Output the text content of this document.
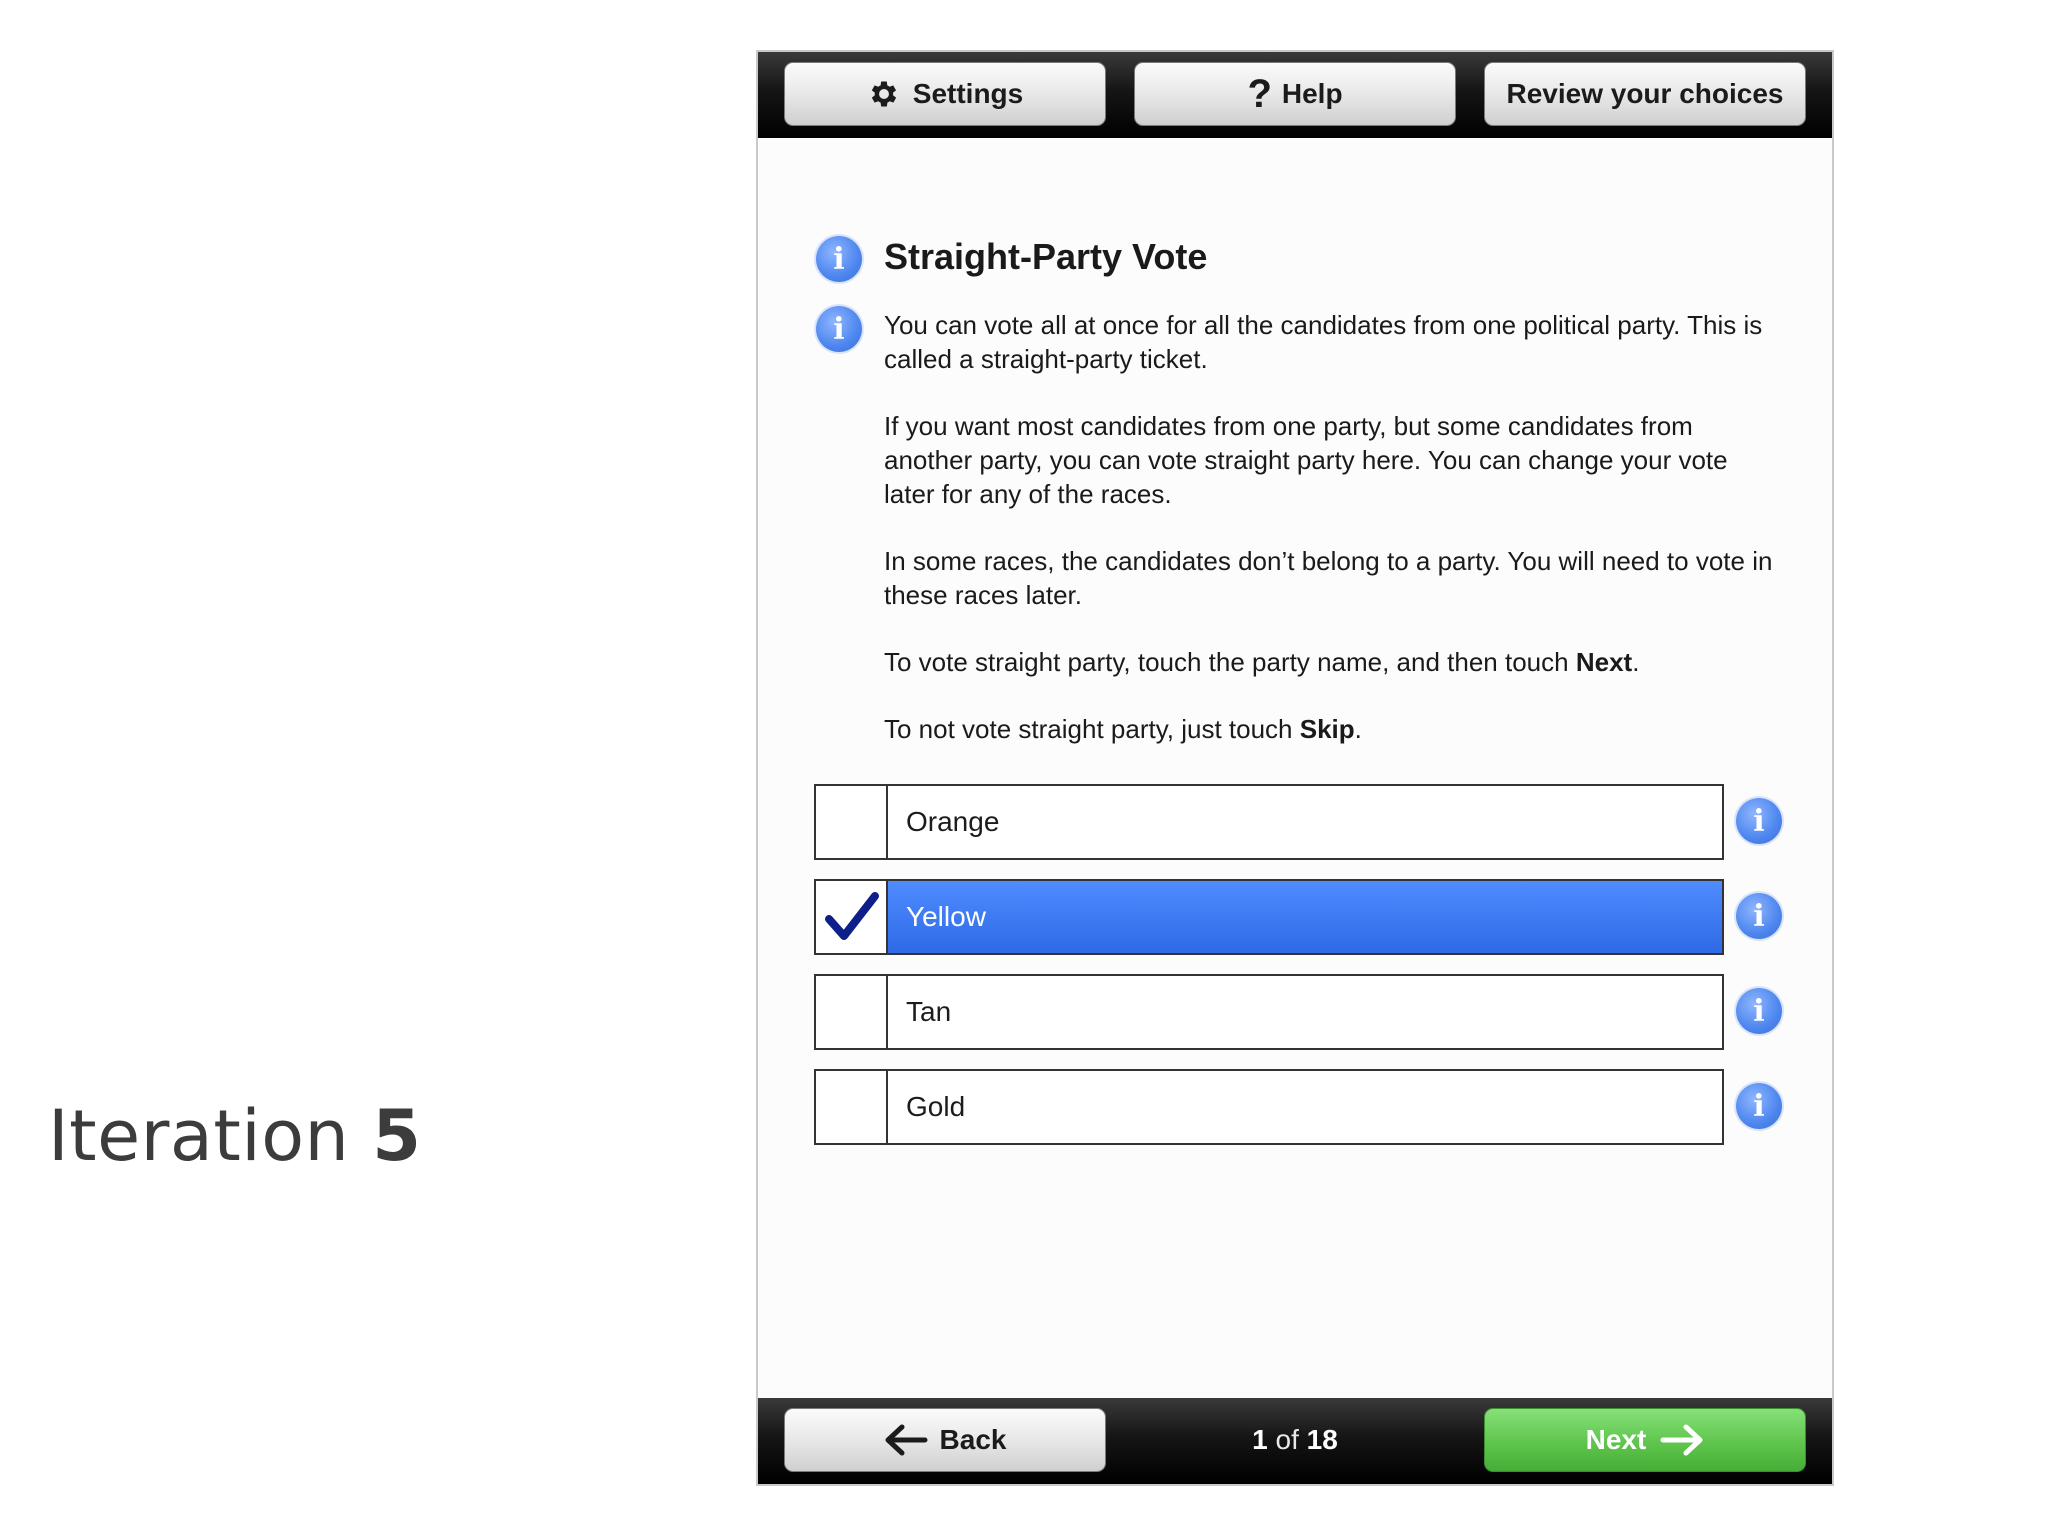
Iteration 5
Settings	? Help	Review your choices
i	Straight-Party Vote
i	You can vote all at once for all the candidates from one political party. This is called a straight-party ticket.

If you want most candidates from one party, but some candidates from another party, you can vote straight party here. You can change your vote later for any of the races.

In some races, the candidates don’t belong to a party. You will need to vote in these races later.

To vote straight party, touch the party name, and then touch Next.

To not vote straight party, just touch Skip.

Orange	i
Yellow	i
Tan	i
Gold	i
Back	1 of 18	Next
